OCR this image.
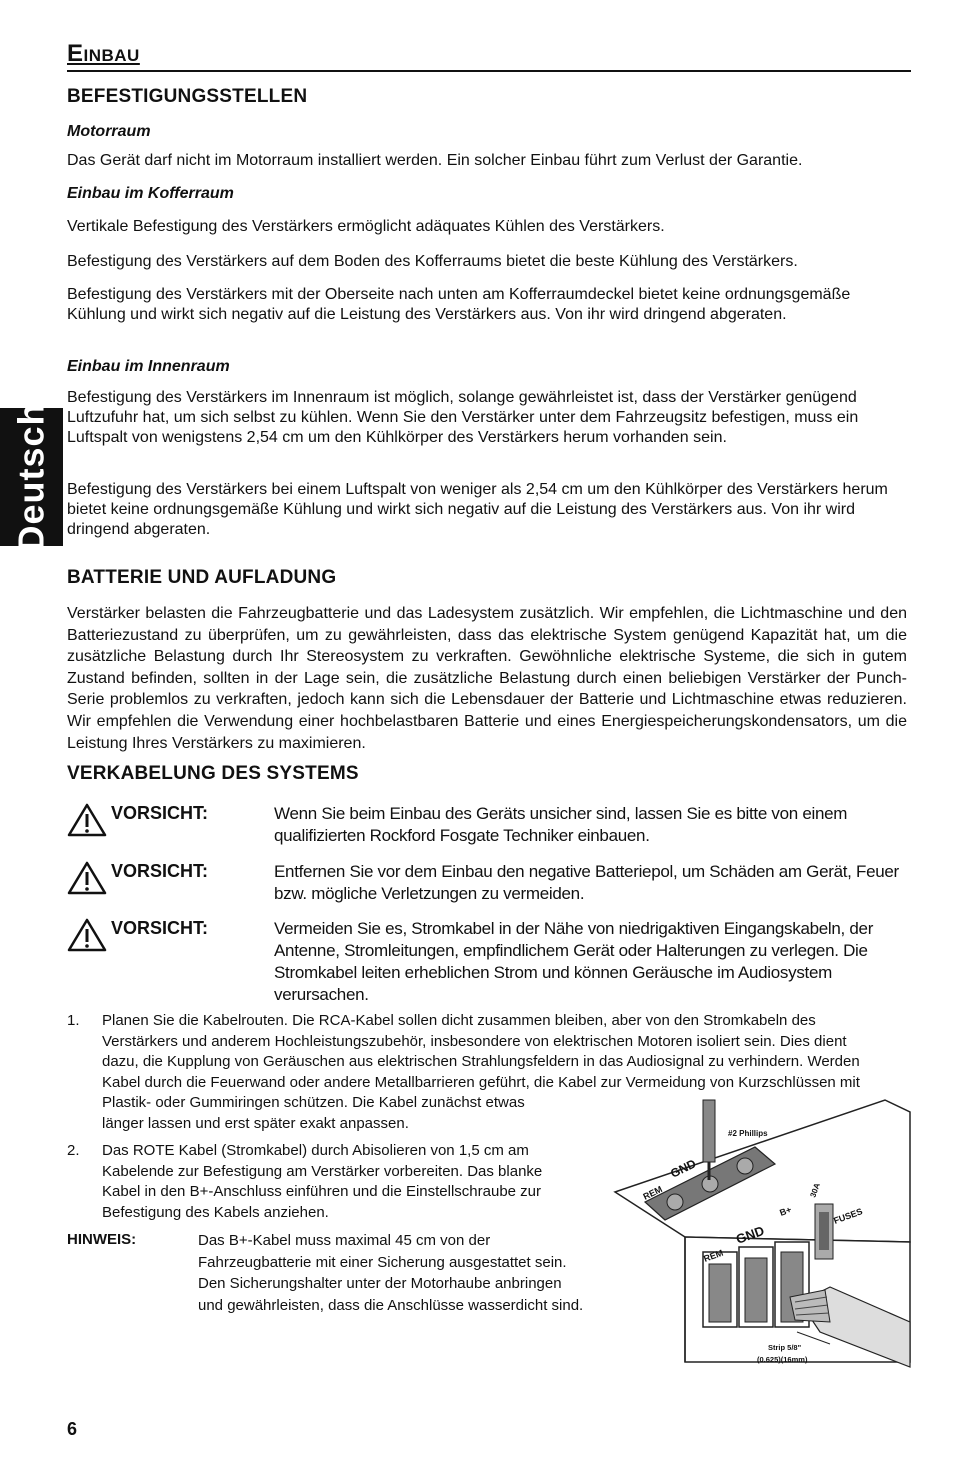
Einbau
Deutsch
BEFESTIGUNGSSTELLEN
Motorraum
Das Gerät darf nicht im Motorraum installiert werden. Ein solcher Einbau führt zum Verlust der Garantie.
Einbau im Kofferraum
Vertikale Befestigung des Verstärkers ermöglicht adäquates Kühlen des Verstärkers.
Befestigung des Verstärkers auf dem Boden des Kofferraums bietet die beste Kühlung des Verstärkers.
Befestigung des Verstärkers mit der Oberseite nach unten am Kofferraumdeckel bietet keine ordnungsgemäße Kühlung und wirkt sich negativ auf die Leistung des Verstärkers aus. Von ihr wird dringend abgeraten.
Einbau im Innenraum
Befestigung des Verstärkers im Innenraum ist möglich, solange gewährleistet ist, dass der Verstärker genügend Luftzufuhr hat, um sich selbst zu kühlen. Wenn Sie den Verstärker unter dem Fahrzeugsitz befestigen, muss ein Luftspalt von wenigstens 2,54 cm um den Kühlkörper des Verstärkers herum vorhanden sein.
Befestigung des Verstärkers bei einem Luftspalt von weniger als 2,54 cm um den Kühlkörper des Verstärkers herum bietet keine ordnungsgemäße Kühlung und wirkt sich negativ auf die Leistung des Verstärkers aus. Von ihr wird dringend abgeraten.
BATTERIE UND AUFLADUNG
Verstärker belasten die Fahrzeugbatterie und das Ladesystem zusätzlich. Wir empfehlen, die Lichtmaschine und den Batteriezustand zu überprüfen, um zu gewährleisten, dass das elektrische System genügend Kapazität hat, um die zusätzliche Belastung durch Ihr Stereosystem zu verkraften. Gewöhnliche elektrische Systeme, die sich in gutem Zustand befinden, sollten in der Lage sein, die zusätzliche Belastung durch einen beliebigen Verstärker der Punch-Serie problemlos zu verkraften, jedoch kann sich die Lebensdauer der Batterie und Lichtmaschine etwas reduzieren. Wir empfehlen die Verwendung einer hochbelastbaren Batterie und eines Energiespeicherungskondensators, um die Leistung Ihres Verstärkers zu maximieren.
VERKABELUNG DES SYSTEMS
VORSICHT:	Wenn Sie beim Einbau des Geräts unsicher sind, lassen Sie es bitte von einem qualifizierten Rockford Fosgate Techniker einbauen.
VORSICHT:	Entfernen Sie vor dem Einbau den negative Batteriepol, um Schäden am Gerät, Feuer bzw. mögliche Verletzungen zu vermeiden.
VORSICHT:	Vermeiden Sie es, Stromkabel in der Nähe von niedrigaktiven Eingangskabeln, der Antenne, Stromleitungen, empfindlichem Gerät oder Halterungen zu verlegen. Die Stromkabel leiten erheblichen Strom und können Geräusche im Audiosystem verursachen.
1. Planen Sie die Kabelrouten. Die RCA-Kabel sollen dicht zusammen bleiben, aber von den Stromkabeln des
Verstärkers und anderem Hochleistungszubehör, insbesondere von elektrischen Motoren isoliert sein. Dies dient
dazu, die Kupplung von Geräuschen aus elektrischen Strahlungsfeldern in das Audiosignal zu verhindern. Werden
Kabel durch die Feuerwand oder andere Metallbarrieren geführt, die Kabel zur Vermeidung von Kurzschlüssen mit
Plastik- oder Gummiringen schützen. Die Kabel zunächst etwas
länger lassen und erst später exakt anpassen.
2. Das ROTE Kabel (Stromkabel) durch Abisolieren von 1,5 cm am
Kabelende zur Befestigung am Verstärker vorbereiten. Das blanke
Kabel in den B+-Anschluss einführen und die Einstellschraube zur
Befestigung des Kabels anziehen.
HINWEIS:	Das B+-Kabel muss maximal 45 cm von der Fahrzeugbatterie mit einer Sicherung ausgestattet sein. Den Sicherungshalter unter der Motorhaube anbringen und gewährleisten, dass die Anschlüsse wasserdicht sind.
#2 Phillips
REM
GND
30A
FUSES
REM
GND
B+
Strip 5/8"
(0.625)(16mm)
6
